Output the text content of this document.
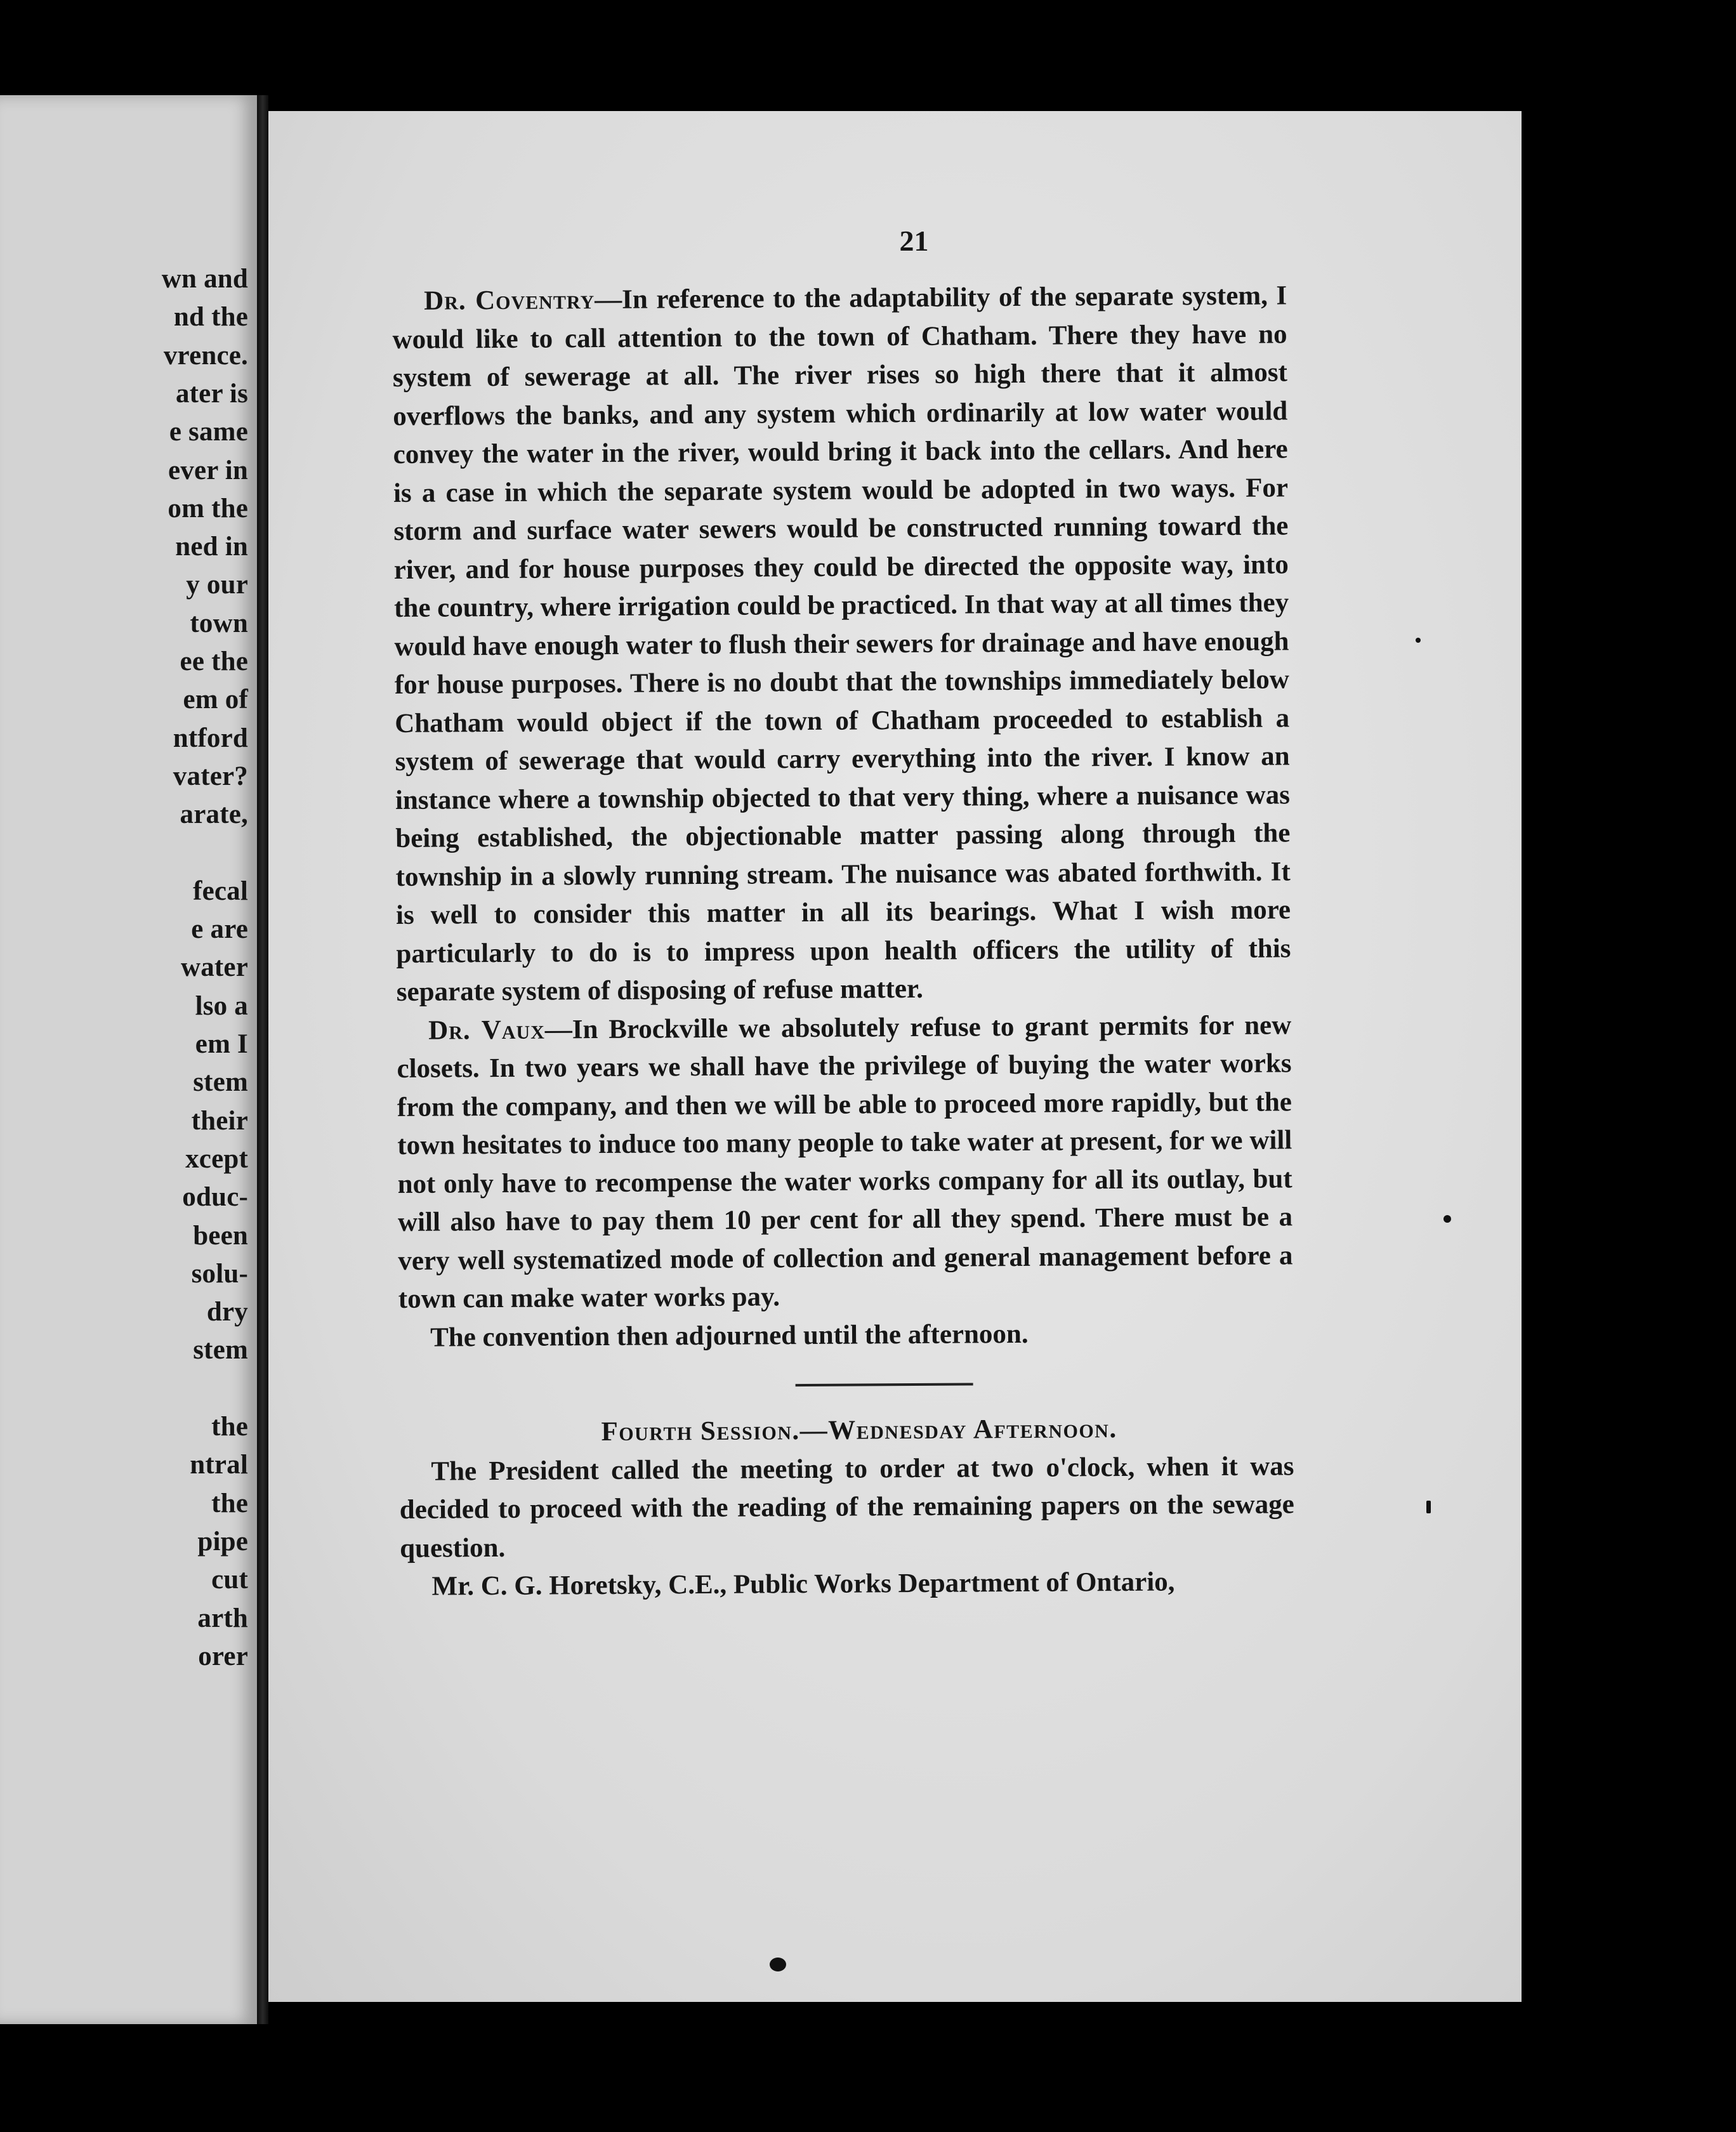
wn and
nd the
vrence.
ater is
e same
ever in
om the
ned in
y our
town
ee the
em of
ntford
vater?
arate,
fecal
e are
water
lso a
em I
stem
their
xcept
oduc-
been
solu-
dry
stem
the
ntral
the
pipe
cut
arth
orer
21

Dr. Coventry—In reference to the adaptability of the separate system, I would like to call attention to the town of Chatham. There they have no system of sewerage at all. The river rises so high there that it almost overflows the banks, and any system which ordinarily at low water would convey the water in the river, would bring it back into the cellars. And here is a case in which the separate system would be adopted in two ways. For storm and surface water sewers would be constructed running toward the river, and for house purposes they could be directed the opposite way, into the country, where irrigation could be practiced. In that way at all times they would have enough water to flush their sewers for drainage and have enough for house purposes. There is no doubt that the townships immediately below Chatham would object if the town of Chatham proceeded to establish a system of sewerage that would carry everything into the river. I know an instance where a township objected to that very thing, where a nuisance was being established, the objectionable matter passing along through the township in a slowly running stream. The nuisance was abated forthwith. It is well to consider this matter in all its bearings. What I wish more particularly to do is to impress upon health officers the utility of this separate system of disposing of refuse matter.

Dr. Vaux—In Brockville we absolutely refuse to grant permits for new closets. In two years we shall have the privilege of buying the water works from the company, and then we will be able to proceed more rapidly, but the town hesitates to induce too many people to take water at present, for we will not only have to recompense the water works company for all its outlay, but will also have to pay them 10 per cent for all they spend. There must be a very well systematized mode of collection and general management before a town can make water works pay.

The convention then adjourned until the afternoon.

Fourth Session.—Wednesday Afternoon.

The President called the meeting to order at two o'clock, when it was decided to proceed with the reading of the remaining papers on the sewage question.

Mr. C. G. Horetsky, C.E., Public Works Department of Ontario,
